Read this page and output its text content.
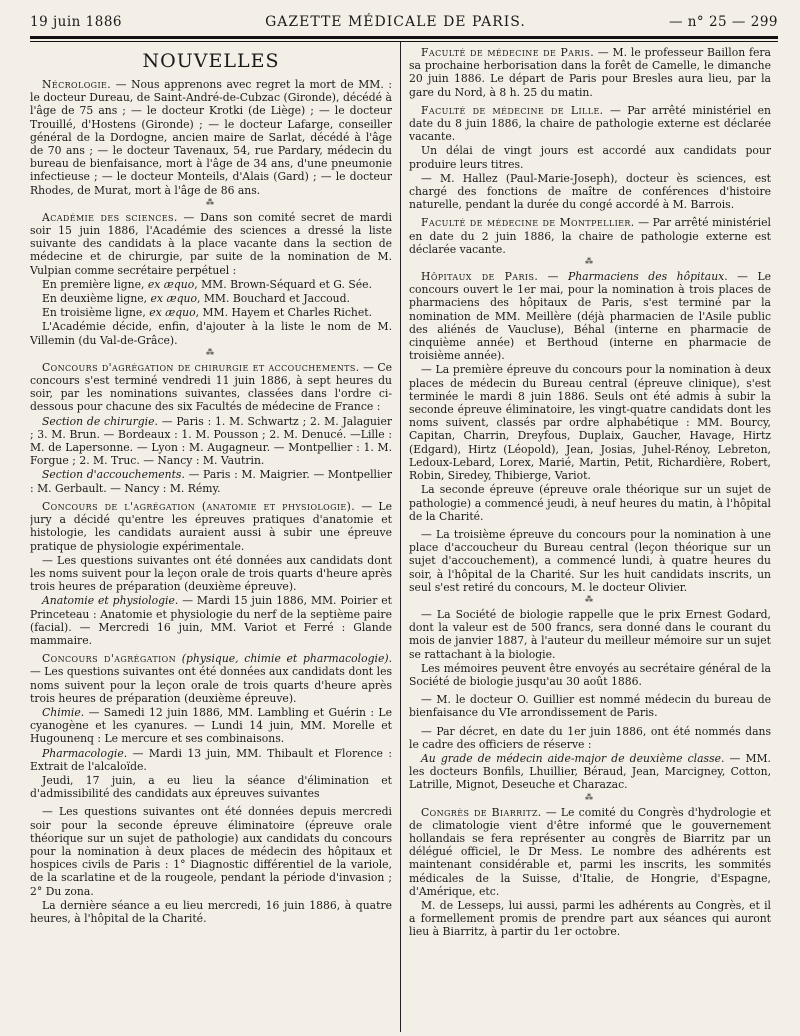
19 juin 1886	GAZETTE MÉDICALE DE PARIS.	— n° 25 — 299
NOUVELLES

Nécrologie. — Nous apprenons avec regret la mort de MM. : le docteur Dureau, de Saint-André-de-Cubzac (Gironde), décédé à l'âge de 75 ans ; — le docteur Krotki (de Liège) ; — le docteur Trouillé, d'Hostens (Gironde) ; — le docteur Lafarge, conseiller général de la Dordogne, ancien maire de Sarlat, décédé à l'âge de 70 ans ; — le docteur Tavenaux, 54, rue Pardary, médecin du bureau de bienfaisance, mort à l'âge de 34 ans, d'une pneumonie infectieuse ; — le docteur Monteils, d'Alais (Gard) ; — le docteur Rhodes, de Murat, mort à l'âge de 86 ans.

⁂

Académie des sciences. — Dans son comité secret de mardi soir 15 juin 1886, l'Académie des sciences a dressé la liste suivante des candidats à la place vacante dans la section de médecine et de chirurgie, par suite de la nomination de M. Vulpian comme secrétaire perpétuel :

En première ligne, ex æquo, MM. Brown-Séquard et G. Sée.

En deuxième ligne, ex æquo, MM. Bouchard et Jaccoud.

En troisième ligne, ex æquo, MM. Hayem et Charles Richet.

L'Académie décide, enfin, d'ajouter à la liste le nom de M. Villemin (du Val-de-Grâce).

⁂

Concours d'agrégation de chirurgie et accouchements. — Ce concours s'est terminé vendredi 11 juin 1886, à sept heures du soir, par les nominations suivantes, classées dans l'ordre ci-dessous pour chacune des six Facultés de médecine de France :

Section de chirurgie. — Paris : 1. M. Schwartz ; 2. M. Jalaguier ; 3. M. Brun. — Bordeaux : 1. M. Pousson ; 2. M. Denucé. —Lille : M. de Lapersonne. — Lyon : M. Augagneur. — Montpellier : 1. M. Forgue ; 2. M. Truc. — Nancy : M. Vautrin.

Section d'accouchements. — Paris : M. Maigrier. — Montpellier : M. Gerbault. — Nancy : M. Rémy.

Concours de l'agrégation (anatomie et physiologie). — Le jury a décidé qu'entre les épreuves pratiques d'anatomie et histologie, les candidats auraient aussi à subir une épreuve pratique de physiologie expérimentale.

— Les questions suivantes ont été données aux candidats dont les noms suivent pour la leçon orale de trois quarts d'heure après trois heures de préparation (deuxième épreuve).

Anatomie et physiologie. — Mardi 15 juin 1886, MM. Poirier et Princeteau : Anatomie et physiologie du nerf de la septième paire (facial). — Mercredi 16 juin, MM. Variot et Ferré : Glande mammaire.

Concours d'agrégation (physique, chimie et pharmacologie). — Les questions suivantes ont été données aux candidats dont les noms suivent pour la leçon orale de trois quarts d'heure après trois heures de préparation (deuxième épreuve).

Chimie. — Samedi 12 juin 1886, MM. Lambling et Guérin : Le cyanogène et les cyanures. — Lundi 14 juin, MM. Morelle et Hugounenq : Le mercure et ses combinaisons.

Pharmacologie. — Mardi 13 juin, MM. Thibault et Florence : Extrait de l'alcaloïde.

Jeudi, 17 juin, a eu lieu la séance d'élimination et d'admissibilité des candidats aux épreuves suivantes

— Les questions suivantes ont été données depuis mercredi soir pour la seconde épreuve éliminatoire (épreuve orale théorique sur un sujet de pathologie) aux candidats du concours pour la nomination à deux places de médecin des hôpitaux et hospices civils de Paris : 1° Diagnostic différentiel de la variole, de la scarlatine et de la rougeole, pendant la période d'invasion ; 2° Du zona.

La dernière séance a eu lieu mercredi, 16 juin 1886, à quatre heures, à l'hôpital de la Charité.

Faculté de médecine de Paris. — M. le professeur Baillon fera sa prochaine herborisation dans la forêt de Camelle, le dimanche 20 juin 1886. Le départ de Paris pour Bresles aura lieu, par la gare du Nord, à 8 h. 25 du matin.

Faculté de médecine de Lille. — Par arrêté ministériel en date du 8 juin 1886, la chaire de pathologie externe est déclarée vacante.

Un délai de vingt jours est accordé aux candidats pour produire leurs titres.

— M. Hallez (Paul-Marie-Joseph), docteur ès sciences, est chargé des fonctions de maître de conférences d'histoire naturelle, pendant la durée du congé accordé à M. Barrois.

Faculté de médecine de Montpellier. — Par arrêté ministériel en date du 2 juin 1886, la chaire de pathologie externe est déclarée vacante.

⁂

Hôpitaux de Paris. — Pharmaciens des hôpitaux. — Le concours ouvert le 1er mai, pour la nomination à trois places de pharmaciens des hôpitaux de Paris, s'est terminé par la nomination de MM. Meillère (déjà pharmacien de l'Asile public des aliénés de Vaucluse), Béhal (interne en pharmacie de cinquième année) et Berthoud (interne en pharmacie de troisième année).

— La première épreuve du concours pour la nomination à deux places de médecin du Bureau central (épreuve clinique), s'est terminée le mardi 8 juin 1886. Seuls ont été admis à subir la seconde épreuve éliminatoire, les vingt-quatre candidats dont les noms suivent, classés par ordre alphabétique : MM. Bourcy, Capitan, Charrin, Dreyfous, Duplaix, Gaucher, Havage, Hirtz (Edgard), Hirtz (Léopold), Jean, Josias, Juhel-Rénoy, Lebreton, Ledoux-Lebard, Lorex, Marié, Martin, Petit, Richardière, Robert, Robin, Siredey, Thibierge, Variot.

La seconde épreuve (épreuve orale théorique sur un sujet de pathologie) a commencé jeudi, à neuf heures du matin, à l'hôpital de la Charité.

— La troisième épreuve du concours pour la nomination à une place d'accoucheur du Bureau central (leçon théorique sur un sujet d'accouchement), a commencé lundi, à quatre heures du soir, à l'hôpital de la Charité. Sur les huit candidats inscrits, un seul s'est retiré du concours, M. le docteur Olivier.

⁂

— La Société de biologie rappelle que le prix Ernest Godard, dont la valeur est de 500 francs, sera donné dans le courant du mois de janvier 1887, à l'auteur du meilleur mémoire sur un sujet se rattachant à la biologie.

Les mémoires peuvent être envoyés au secrétaire général de la Société de biologie jusqu'au 30 août 1886.

— M. le docteur O. Guillier est nommé médecin du bureau de bienfaisance du VIe arrondissement de Paris.

— Par décret, en date du 1er juin 1886, ont été nommés dans le cadre des officiers de réserve :

Au grade de médecin aide-major de deuxième classe. — MM. les docteurs Bonfils, Lhuillier, Béraud, Jean, Marcigney, Cotton, Latrille, Mignot, Deseuche et Charazac.

⁂

Congrès de Biarritz. — Le comité du Congrès d'hydrologie et de climatologie vient d'être informé que le gouvernement hollandais se fera représenter au congrès de Biarritz par un délégué officiel, le Dr Mess. Le nombre des adhérents est maintenant considérable et, parmi les inscrits, les sommités médicales de la Suisse, d'Italie, de Hongrie, d'Espagne, d'Amérique, etc.

M. de Lesseps, lui aussi, parmi les adhérents au Congrès, et il a formellement promis de prendre part aux séances qui auront lieu à Biarritz, à partir du 1er octobre.
